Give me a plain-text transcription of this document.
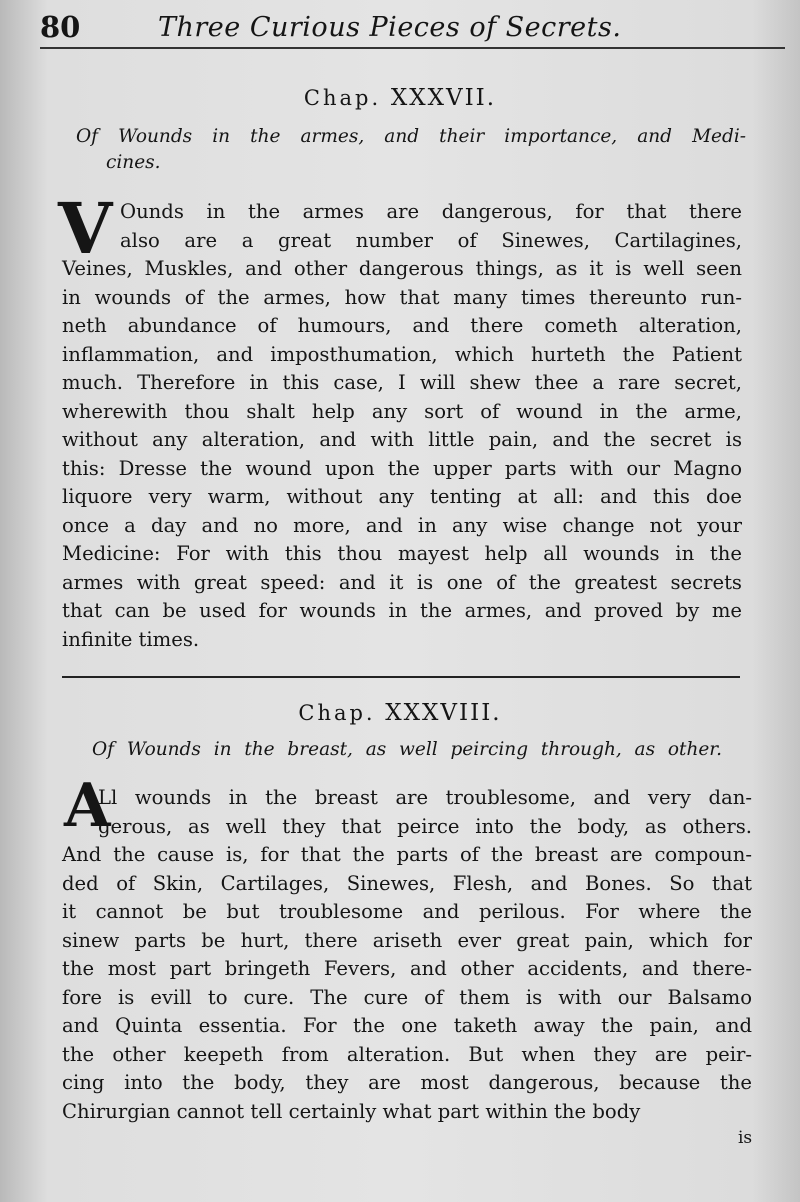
80	Three Curious Pieces of Secrets.
Chap. XXXVII.
Of Wounds in the armes, and their importance, and Medi-
cines.
V Ounds in the armes are dangerous, for that there
also are a great number of Sinewes, Cartilagines,
Veines, Muskles, and other dangerous things, as it is well seen
in wounds of the armes, how that many times thereunto run-
neth abundance of humours, and there cometh alteration,
inflammation, and imposthumation, which hurteth the Patient
much. Therefore in this case, I will shew thee a rare secret,
wherewith thou shalt help any sort of wound in the arme,
without any alteration, and with little pain, and the secret is
this: Dresse the wound upon the upper parts with our Magno
liquore very warm, without any tenting at all: and this doe
once a day and no more, and in any wise change not your
Medicine: For with this thou mayest help all wounds in the
armes with great speed: and it is one of the greatest secrets
that can be used for wounds in the armes, and proved by me
infinite times.
Chap. XXXVIII.
Of Wounds in the breast, as well peircing through, as other.
A
Ll wounds in the breast are troublesome, and very dan-
gerous, as well they that peirce into the body, as others.
And the cause is, for that the parts of the breast are compoun-
ded of Skin, Cartilages, Sinewes, Flesh, and Bones. So that
it cannot be but troublesome and perilous. For where the
sinew parts be hurt, there ariseth ever great pain, which for
the most part bringeth Fevers, and other accidents, and there-
fore is evill to cure. The cure of them is with our Balsamo
and Quinta essentia. For the one taketh away the pain, and
the other keepeth from alteration. But when they are peir-
cing into the body, they are most dangerous, because the
Chirurgian cannot tell certainly what part within the body
is
